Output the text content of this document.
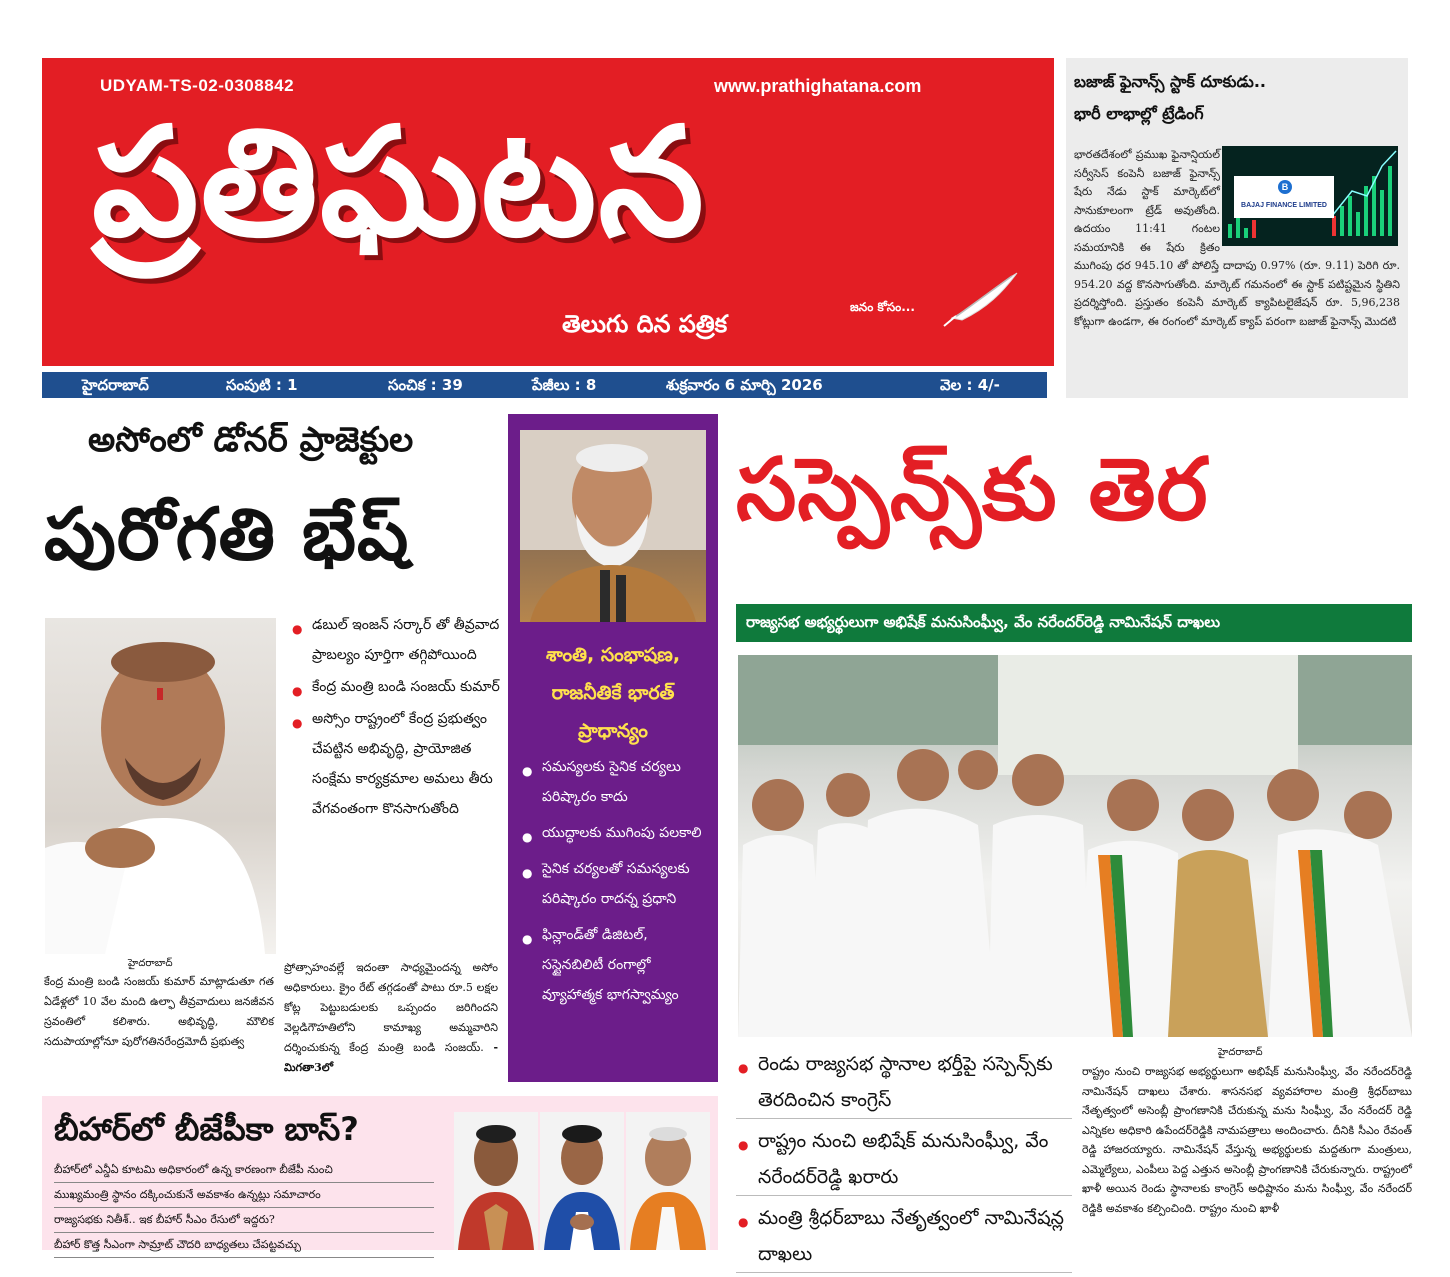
UDYAM-TS-02-0308842	www.prathighatana.com
ప్రతిఘటన
జనం కోసం...
తెలుగు దిన పత్రిక
హైదరాబాద్	సంపుటి : 1	సంచిక : 39	పేజీలు : 8	శుక్రవారం 6 మార్చి 2026	వెల : 4/-
బజాజ్ ఫైనాన్స్ స్టాక్ దూకుడు..
భారీ లాభాల్లో ట్రేడింగ్
భారతదేశంలో ప్రముఖ ఫైనాన్షియల్ సర్వీసెస్ కంపెనీ బజాజ్ ఫైనాన్స్ షేరు నేడు స్టాక్ మార్కెట్‌లో సానుకూలంగా ట్రేడ్ అవుతోంది. ఉదయం 11:41 గంటల సమయానికి ఈ షేరు క్రితం ముగింపు ధర 945.10 తో పోలిస్తే దాదాపు 0.97% (రూ. 9.11) పెరిగి రూ. 954.20 వద్ద కొనసాగుతోంది. మార్కెట్ గమనంలో ఈ స్టాక్ పటిష్టమైన స్థితిని ప్రదర్శిస్తోంది. ప్రస్తుతం కంపెనీ మార్కెట్ క్యాపిటలైజేషన్ రూ. 5,96,238 కోట్లుగా ఉండగా, ఈ రంగంలో మార్కెట్ క్యాప్ పరంగా బజాజ్ ఫైనాన్స్ మొదటి
BAJAJ FINANCE LIMITED
B
అసోంలో డోనర్ ప్రాజెక్టుల
పురోగతి భేష్
● డబుల్ ఇంజన్ సర్కార్ తో తీవ్రవాద ప్రాబల్యం పూర్తిగా తగ్గిపోయింది
● కేంద్ర మంత్రి బండి సంజయ్ కుమార్
● అస్సోం రాష్ట్రంలో కేంద్ర ప్రభుత్వం చేపట్టిన అభివృద్ధి, ప్రాయోజిత సంక్షేమ కార్యక్రమాల అమలు తీరు వేగవంతంగా కొనసాగుతోంది
హైదరాబాద్
కేంద్ర మంత్రి బండి సంజయ్ కుమార్ మాట్లాడుతూ గత ఏడేళ్లలో 10 వేల మంది ఉల్ఫా తీవ్రవాదులు జనజీవన స్రవంతిలో కలిశారు. అభివృద్ధి, మౌలిక సదుపాయాల్లోనూ పురోగతినరేంద్రమోదీ ప్రభుత్వ
ప్రోత్సాహంవల్లే ఇదంతా సాధ్యమైందన్న అసోం అధికారులు. క్రైం రేట్ తగ్గడంతో పాటు రూ.5 లక్షల కోట్ల పెట్టుబడులకు ఒప్పందం జరిగిందని వెల్లడిగౌహతిలోని కామాఖ్య అమ్మవారిని దర్శించుకున్న కేంద్ర మంత్రి బండి సంజయ్. - మిగతా3లో
శాంతి, సంభాషణ, రాజనీతికే భారత్ ప్రాధాన్యం
● సమస్యలకు సైనిక చర్యలు పరిష్కారం కాదు
● యుద్ధాలకు ముగింపు పలకాలి
● సైనిక చర్యలతో సమస్యలకు పరిష్కారం రాదన్న ప్రధాని
● ఫిన్లాండ్‌తో డిజిటల్, సస్టైనబిలిటీ రంగాల్లో వ్యూహాత్మక భాగస్వామ్యం
సస్పెన్స్‌కు తెర
రాజ్యసభ అభ్యర్థులుగా అభిషేక్ మనుసింఘ్వీ, వేం నరేందర్‌రెడ్డి నామినేషన్ దాఖలు
● రెండు రాజ్యసభ స్థానాల భర్తీపై సస్పెన్స్‌కు తెరదించిన కాంగ్రెస్
● రాష్ట్రం నుంచి అభిషేక్ మనుసింఘ్వీ, వేం నరేందర్‌రెడ్డి ఖరారు
● మంత్రి శ్రీధర్‌బాబు నేతృత్వంలో నామినేషన్ల దాఖలు
హైదరాబాద్
రాష్ట్రం నుంచి రాజ్యసభ అభ్యర్థులుగా అభిషేక్ మనుసింఘ్వీ, వేం నరేందర్‌రెడ్డి నామినేషన్ దాఖలు చేశారు. శాసనసభ వ్యవహారాల మంత్రి శ్రీధర్‌బాబు నేతృత్వంలో అసెంబ్లీ ప్రాంగణానికి చేరుకున్న మను సింఘ్వీ, వేం నరేందర్ రెడ్డి ఎన్నికల అధికారి ఉపేందర్‌రెడ్డికి నామపత్రాలు అందించారు. దీనికి సీఎం రేవంత్ రెడ్డి హాజరయ్యారు. నామినేషన్ వేస్తున్న అభ్యర్థులకు మద్దతుగా మంత్రులు, ఎమ్మెల్యేలు, ఎంపీలు పెద్ద ఎత్తున అసెంబ్లీ ప్రాంగణానికి చేరుకున్నారు. రాష్ట్రంలో ఖాళీ అయిన రెండు స్థానాలకు కాంగ్రెస్ అధిష్టానం మను సింఘ్వీ, వేం నరేందర్ రెడ్డికి అవకాశం కల్పించింది. రాష్ట్రం నుంచి ఖాళీ
బీహార్‌లో బీజేపీకా బాస్?

బీహార్‌లో ఎన్డీఏ కూటమి అధికారంలో ఉన్న కారణంగా బీజేపీ నుంచి

ముఖ్యమంత్రి స్థానం దక్కించుకునే అవకాశం ఉన్నట్లు సమాచారం

రాజ్యసభకు నితీశ్.. ఇక బీహార్ సీఎం రేసులో ఇద్దరు?

బీహార్ కొత్త సీఎంగా సామ్రాట్ చౌదరి బాధ్యతలు చేపట్టవచ్చు
